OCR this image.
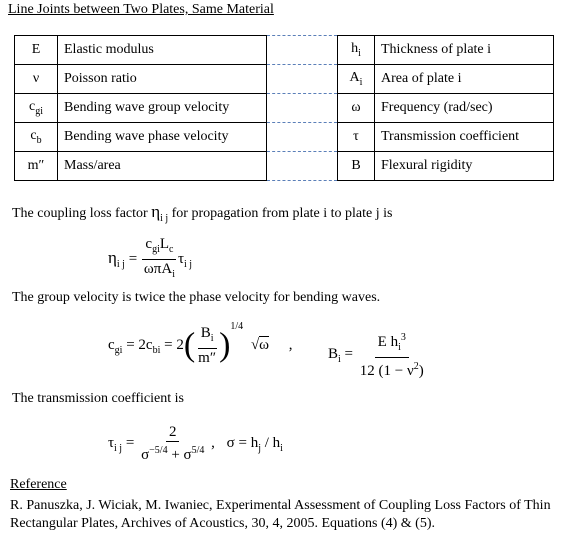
Line Joints between Two Plates, Same Material
E	Elastic modulus		$h_i$	Thickness of plate i
ν	Poisson ratio		$A_i$	Area of plate i
$c_{gi}$	Bending wave group velocity		ω	Frequency (rad/sec)
$c_b$	Bending wave phase velocity		τ	Transmission coefficient
m″	Mass/area		B	Flexural rigidity
The coupling loss factor $\eta_{i j}$ for propagation from plate i to plate j is
$\eta_{i j} = \frac{c_{gi}L_c}{\omega\pi A_i} \tau_{i j}$
The group velocity is twice the phase velocity for bending waves.
$c_{gi} = 2c_{bi} = 2( \frac{B_i}{m''} )^{1/4}$ √ω ,
$B_i = \frac{E h_i^3}{12 (1 - \nu^2)}$
The transmission coefficient is
$\tau_{i j} = \frac{2}{\sigma^{-5/4} + \sigma^{5/4}}$ , $\sigma = h_j / h_i$
Reference
R. Panuszka, J. Wiciak, M. Iwaniec, Experimental Assessment of Coupling Loss Factors of Thin
Rectangular Plates, Archives of Acoustics, 30, 4, 2005. Equations (4) & (5).
